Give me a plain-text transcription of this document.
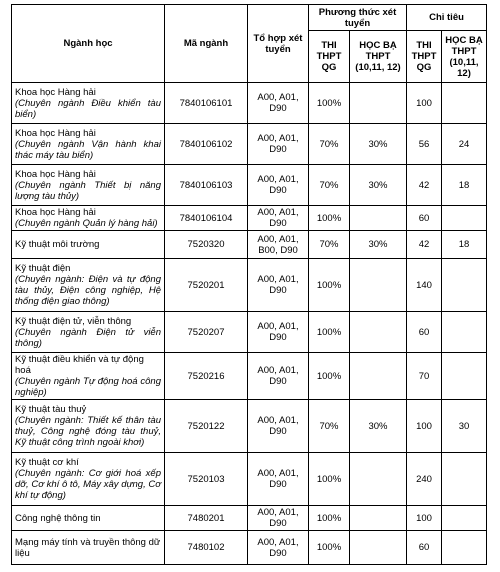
Ngành học	Mã ngành	Tổ hợp xét tuyển	Phương thức xét tuyển		Chỉ tiêu	
			THI THPT QG	HỌC BẠ THPT (10,11, 12)	THI THPT QG	HỌC BẠ THPT (10,11, 12)

Khoa học Hàng hải
(Chuyên ngành Điều khiển tàu biển)	7840106101	A00, A01, D90	100%		100	

Khoa học Hàng hải
(Chuyên ngành Vận hành khai thác máy tàu biển)	7840106102	A00, A01, D90	70%	30%	56	24

Khoa học Hàng hải
(Chuyên ngành Thiết bị năng lượng tàu thủy)	7840106103	A00, A01, D90	70%	30%	42	18

Khoa học Hàng hải
(Chuyên ngành Quản lý hàng hải)	7840106104	A00, A01, D90	100%		60	

Kỹ thuật môi trường	7520320	A00, A01, B00, D90	70%	30%	42	18

Kỹ thuật điện
(Chuyên ngành: Điện và tự động tàu thủy, Điện công nghiệp, Hệ thống điện giao thông)	7520201	A00, A01, D90	100%		140	

Kỹ thuật điện tử, viễn thông
(Chuyên ngành Điện tử viễn thông)	7520207	A00, A01, D90	100%		60	

Kỹ thuật điều khiển và tự động hoá
(Chuyên ngành Tự động hoá công nghiệp)	7520216	A00, A01, D90	100%		70	

Kỹ thuật tàu thuỷ
(Chuyên ngành: Thiết kế thân tàu thuỷ, Công nghệ đóng tàu thuỷ, Kỹ thuật công trình ngoài khơi)	7520122	A00, A01, D90	70%	30%	100	30

Kỹ thuật cơ khí
(Chuyên ngành: Cơ giới hoá xếp dỡ, Cơ khí ô tô, Máy xây dựng, Cơ khí tự động)	7520103	A00, A01, D90	100%		240	

Công nghệ thông tin	7480201	A00, A01, D90	100%		100	

Mạng máy tính và truyền thông dữ liệu	7480102	A00, A01, D90	100%		60	
